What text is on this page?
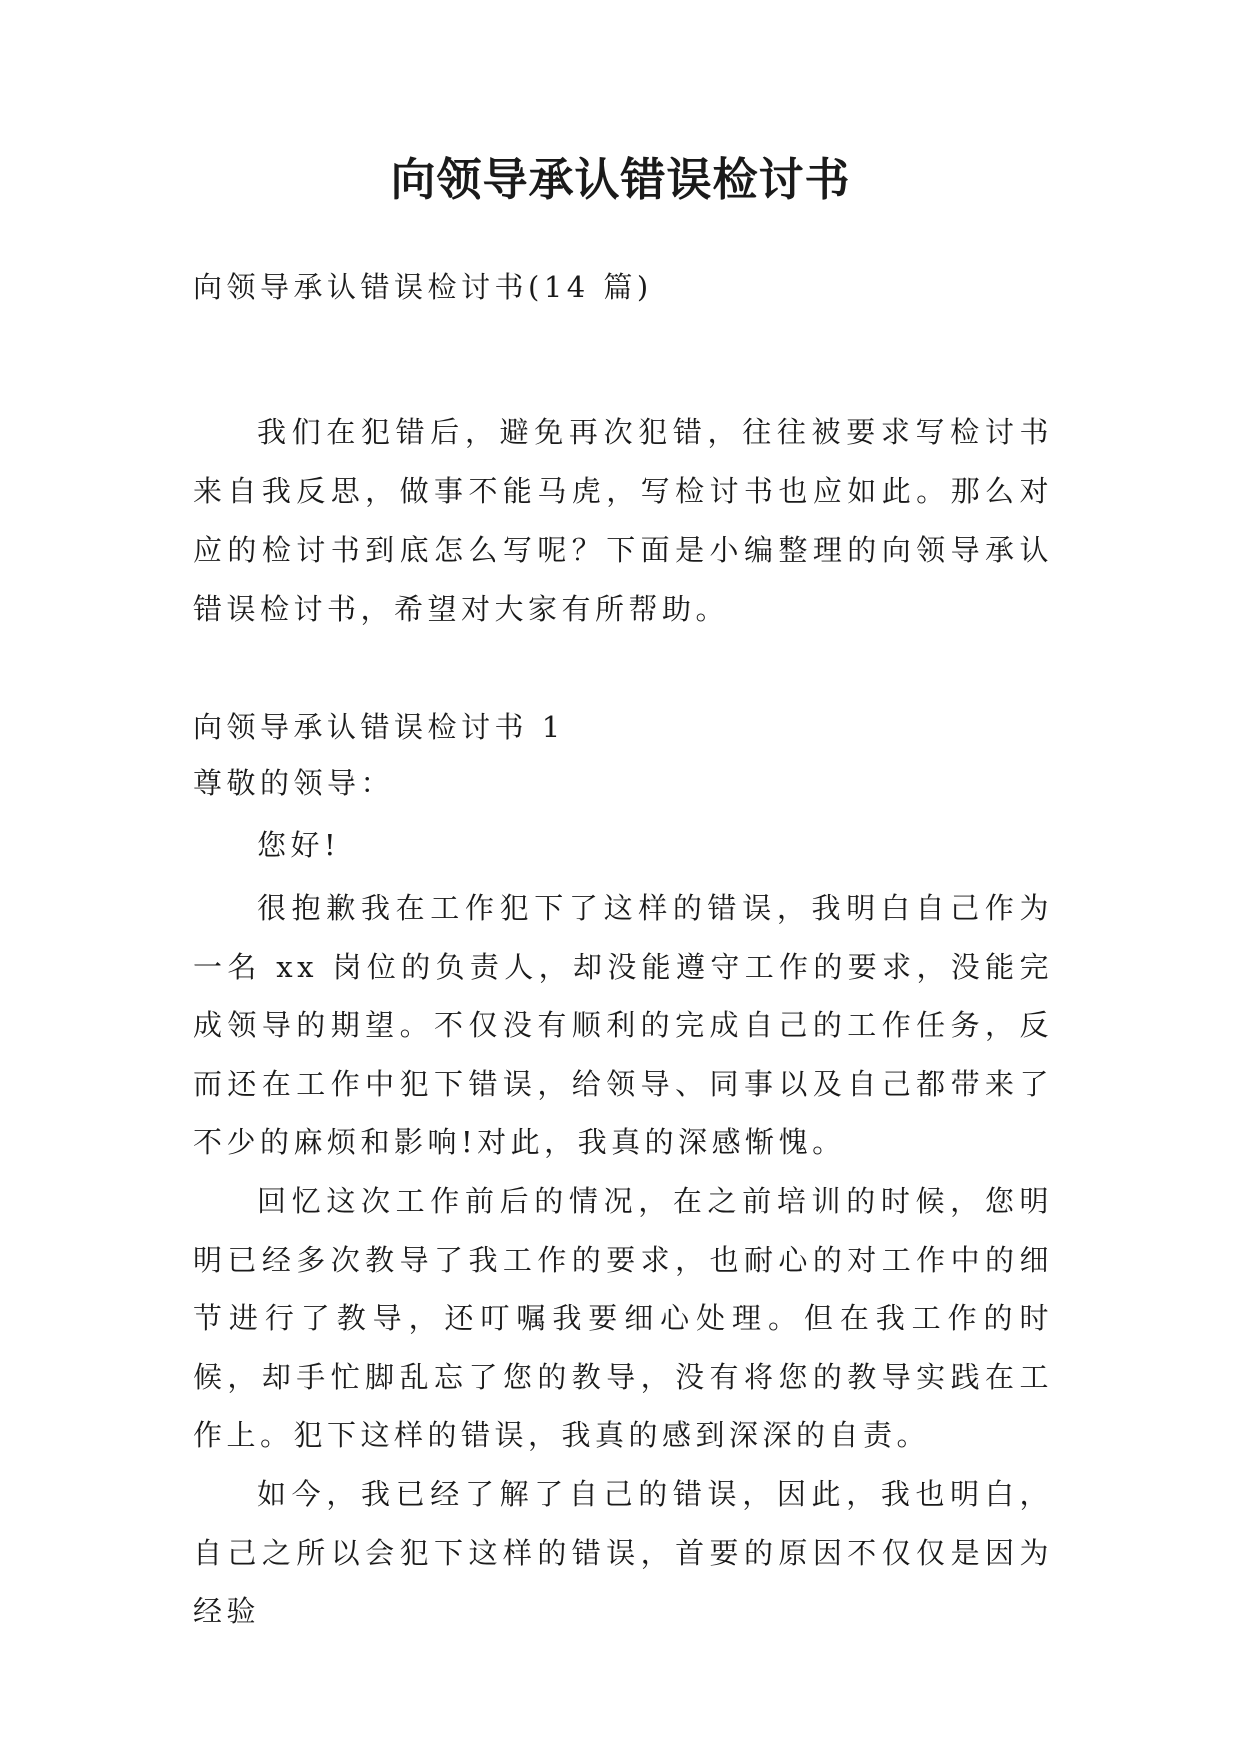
向领导承认错误检讨书

向领导承认错误检讨书(14 篇)

我们在犯错后，避免再次犯错，往往被要求写检讨书来自我反思，做事不能马虎，写检讨书也应如此。那么对应的检讨书到底怎么写呢？下面是小编整理的向领导承认错误检讨书，希望对大家有所帮助。

向领导承认错误检讨书 1

尊敬的领导：

您好!

很抱歉我在工作犯下了这样的错误，我明白自己作为一名 xx 岗位的负责人，却没能遵守工作的要求，没能完成领导的期望。不仅没有顺利的完成自己的工作任务，反而还在工作中犯下错误，给领导、同事以及自己都带来了不少的麻烦和影响!对此，我真的深感惭愧。

回忆这次工作前后的情况，在之前培训的时候，您明明已经多次教导了我工作的要求，也耐心的对工作中的细节进行了教导，还叮嘱我要细心处理。但在我工作的时候，却手忙脚乱忘了您的教导，没有将您的教导实践在工作上。犯下这样的错误，我真的感到深深的自责。

如今，我已经了解了自己的错误，因此，我也明白，自己之所以会犯下这样的错误，首要的原因不仅仅是因为经验
